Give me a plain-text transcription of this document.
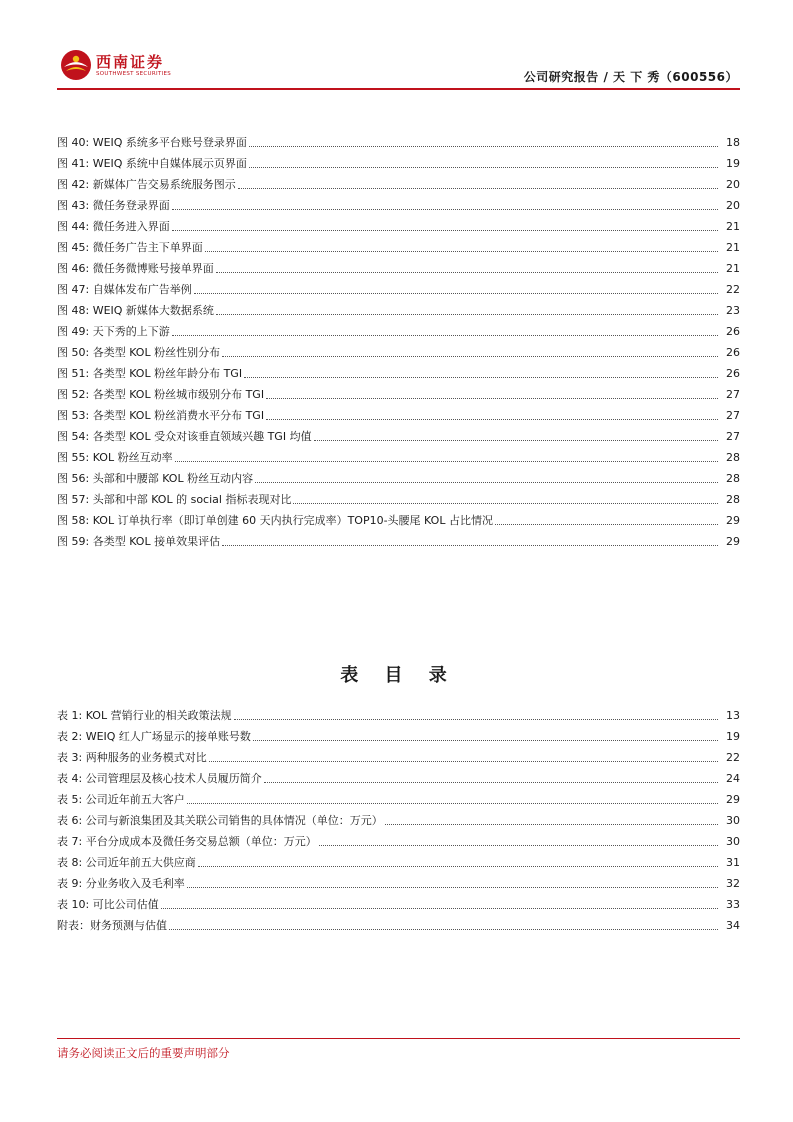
西南证券
SOUTHWEST SECURITIES	公司研究报告 / 天 下 秀（600556）
图 40: WEIQ 系统多平台账号登录界面	18
图 41: WEIQ 系统中自媒体展示页界面	19
图 42: 新媒体广告交易系统服务图示	20
图 43: 微任务登录界面	20
图 44: 微任务进入界面	21
图 45: 微任务广告主下单界面	21
图 46: 微任务微博账号接单界面	21
图 47: 自媒体发布广告举例	22
图 48: WEIQ 新媒体大数据系统	23
图 49: 天下秀的上下游	26
图 50: 各类型 KOL 粉丝性别分布	26
图 51: 各类型 KOL 粉丝年龄分布 TGI	26
图 52: 各类型 KOL 粉丝城市级别分布 TGI	27
图 53: 各类型 KOL 粉丝消费水平分布 TGI	27
图 54: 各类型 KOL 受众对该垂直领域兴趣 TGI 均值	27
图 55: KOL 粉丝互动率	28
图 56: 头部和中腰部 KOL 粉丝互动内容	28
图 57: 头部和中部 KOL 的 social 指标表现对比	28
图 58: KOL 订单执行率（即订单创建 60 天内执行完成率）TOP10-头腰尾 KOL 占比情况	29
图 59: 各类型 KOL 接单效果评估	29
表 目 录
表 1: KOL 营销行业的相关政策法规	13
表 2: WEIQ 红人广场显示的接单账号数	19
表 3: 两种服务的业务模式对比	22
表 4: 公司管理层及核心技术人员履历简介	24
表 5: 公司近年前五大客户	29
表 6: 公司与新浪集团及其关联公司销售的具体情况（单位：万元）	30
表 7: 平台分成成本及微任务交易总额（单位：万元）	30
表 8: 公司近年前五大供应商	31
表 9: 分业务收入及毛利率	32
表 10: 可比公司估值	33
附表：财务预测与估值	34
请务必阅读正文后的重要声明部分
